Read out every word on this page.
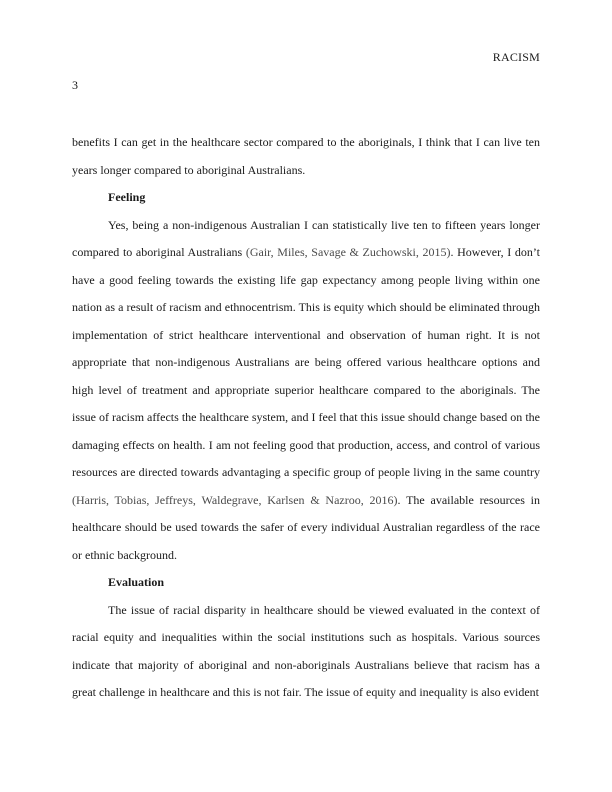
RACISM
3

benefits I can get in the healthcare sector compared to the aboriginals, I think that I can live ten years longer compared to aboriginal Australians.

Feeling

Yes, being a non-indigenous Australian I can statistically live ten to fifteen years longer compared to aboriginal Australians (Gair, Miles, Savage & Zuchowski, 2015). However, I don’t have a good feeling towards the existing life gap expectancy among people living within one nation as a result of racism and ethnocentrism. This is equity which should be eliminated through implementation of strict healthcare interventional and observation of human right. It is not appropriate that non-indigenous Australians are being offered various healthcare options and high level of treatment and appropriate superior healthcare compared to the aboriginals. The issue of racism affects the healthcare system, and I feel that this issue should change based on the damaging effects on health. I am not feeling good that production, access, and control of various resources are directed towards advantaging a specific group of people living in the same country (Harris, Tobias, Jeffreys, Waldegrave, Karlsen & Nazroo, 2016). The available resources in healthcare should be used towards the safer of every individual Australian regardless of the race or ethnic background.

Evaluation

The issue of racial disparity in healthcare should be viewed evaluated in the context of racial equity and inequalities within the social institutions such as hospitals. Various sources indicate that majority of aboriginal and non-aboriginals Australians believe that racism has a great challenge in healthcare and this is not fair. The issue of equity and inequality is also evident
